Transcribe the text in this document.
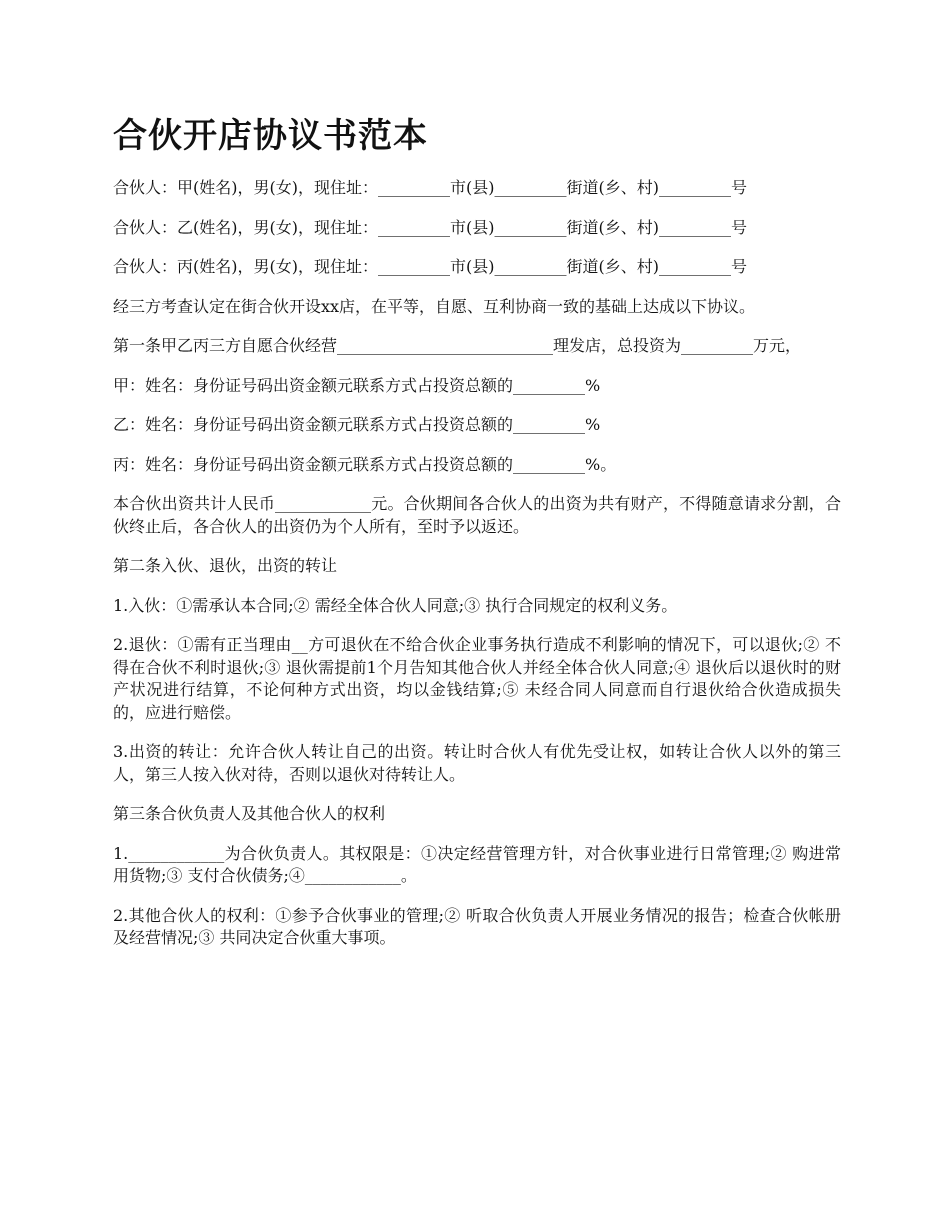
合伙开店协议书范本

合伙人：甲(姓名)，男(女)，现住址：_________市(县)_________街道(乡、村)_________号

合伙人：乙(姓名)，男(女)，现住址：_________市(县)_________街道(乡、村)_________号

合伙人：丙(姓名)，男(女)，现住址：_________市(县)_________街道(乡、村)_________号

经三方考查认定在街合伙开设xx店，在平等，自愿、互利协商一致的基础上达成以下协议。

第一条甲乙丙三方自愿合伙经营___________________________理发店，总投资为_________万元，

甲：姓名：身份证号码出资金额元联系方式占投资总额的_________%

乙：姓名：身份证号码出资金额元联系方式占投资总额的_________%

丙：姓名：身份证号码出资金额元联系方式占投资总额的_________%。

本合伙出资共计人民币____________元。合伙期间各合伙人的出资为共有财产，不得随意请求分割，合伙终止后，各合伙人的出资仍为个人所有，至时予以返还。

第二条入伙、退伙，出资的转让

1.入伙：①需承认本合同;② 需经全体合伙人同意;③ 执行合同规定的权利义务。

2.退伙：①需有正当理由__方可退伙在不给合伙企业事务执行造成不利影响的情况下，可以退伙;② 不得在合伙不利时退伙;③ 退伙需提前1个月告知其他合伙人并经全体合伙人同意;④ 退伙后以退伙时的财产状况进行结算，不论何种方式出资，均以金钱结算;⑤ 未经合同人同意而自行退伙给合伙造成损失的，应进行赔偿。

3.出资的转让：允许合伙人转让自己的出资。转让时合伙人有优先受让权，如转让合伙人以外的第三人，第三人按入伙对待，否则以退伙对待转让人。

第三条合伙负责人及其他合伙人的权利

1.____________为合伙负责人。其权限是：①决定经营管理方针，对合伙事业进行日常管理;② 购进常用货物;③ 支付合伙债务;④____________。

2.其他合伙人的权利：①参予合伙事业的管理;② 听取合伙负责人开展业务情况的报告；检查合伙帐册及经营情况;③ 共同决定合伙重大事项。
